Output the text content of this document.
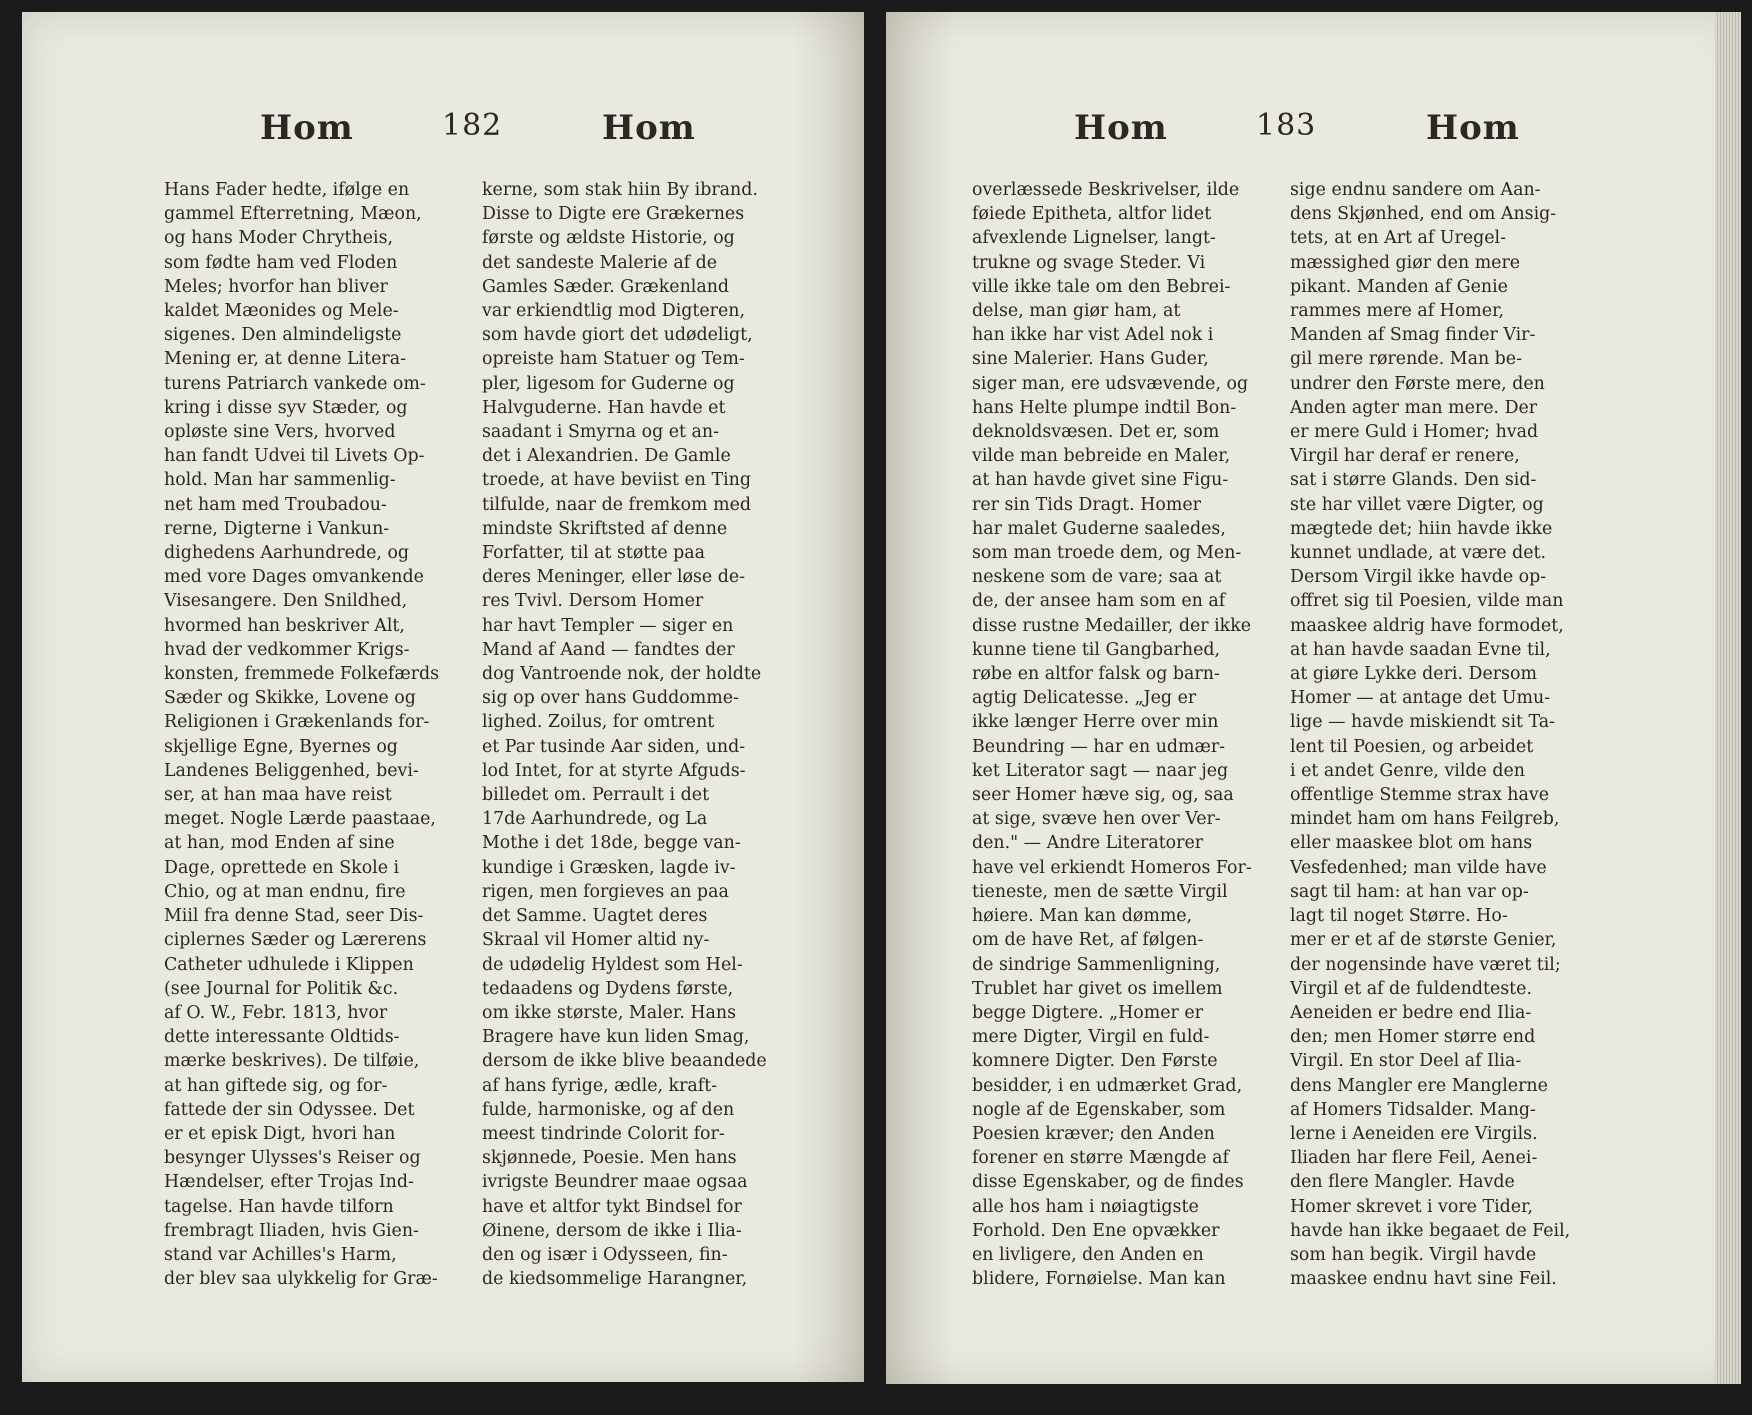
Hom	182	Hom
Hans Fader hedte, ifølge en
gammel Efterretning, Mæon,
og hans Moder Chrytheis,
som fødte ham ved Floden
Meles; hvorfor han bliver
kaldet Mæonides og Mele-
sigenes. Den almindeligste
Mening er, at denne Litera-
turens Patriarch vankede om-
kring i disse syv Stæder, og
opløste sine Vers, hvorved
han fandt Udvei til Livets Op-
hold. Man har sammenlig-
net ham med Troubadou-
rerne, Digterne i Vankun-
dighedens Aarhundrede, og
med vore Dages omvankende
Visesangere. Den Snildhed,
hvormed han beskriver Alt,
hvad der vedkommer Krigs-
konsten, fremmede Folkefærds
Sæder og Skikke, Lovene og
Religionen i Grækenlands for-
skjellige Egne, Byernes og
Landenes Beliggenhed, bevi-
ser, at han maa have reist
meget. Nogle Lærde paastaae,
at han, mod Enden af sine
Dage, oprettede en Skole i
Chio, og at man endnu, fire
Miil fra denne Stad, seer Dis-
ciplernes Sæder og Lærerens
Catheter udhulede i Klippen
(see Journal for Politik &c.
af O. W., Febr. 1813, hvor
dette interessante Oldtids-
mærke beskrives). De tilføie,
at han giftede sig, og for-
fattede der sin Odyssee. Det
er et episk Digt, hvori han
besynger Ulysses's Reiser og
Hændelser, efter Trojas Ind-
tagelse. Han havde tilforn
frembragt Iliaden, hvis Gien-
stand var Achilles's Harm,
der blev saa ulykkelig for Græ-
kerne, som stak hiin By ibrand.
Disse to Digte ere Grækernes
første og ældste Historie, og
det sandeste Malerie af de
Gamles Sæder. Grækenland
var erkiendtlig mod Digteren,
som havde giort det udødeligt,
opreiste ham Statuer og Tem-
pler, ligesom for Guderne og
Halvguderne. Han havde et
saadant i Smyrna og et an-
det i Alexandrien. De Gamle
troede, at have beviist en Ting
tilfulde, naar de fremkom med
mindste Skriftsted af denne
Forfatter, til at støtte paa
deres Meninger, eller løse de-
res Tvivl. Dersom Homer
har havt Templer — siger en
Mand af Aand — fandtes der
dog Vantroende nok, der holdte
sig op over hans Guddomme-
lighed. Zoilus, for omtrent
et Par tusinde Aar siden, und-
lod Intet, for at styrte Afguds-
billedet om. Perrault i det
17de Aarhundrede, og La
Mothe i det 18de, begge van-
kundige i Græsken, lagde iv-
rigen, men forgieves an paa
det Samme. Uagtet deres
Skraal vil Homer altid ny-
de udødelig Hyldest som Hel-
tedaadens og Dydens første,
om ikke største, Maler. Hans
Bragere have kun liden Smag,
dersom de ikke blive beaandede
af hans fyrige, ædle, kraft-
fulde, harmoniske, og af den
meest tindrinde Colorit for-
skjønnede, Poesie. Men hans
ivrigste Beundrer maae ogsaa
have et altfor tykt Bindsel for
Øinene, dersom de ikke i Ilia-
den og især i Odysseen, fin-
de kiedsommelige Harangner,
Hom	183	Hom
overlæssede Beskrivelser, ilde
føiede Epitheta, altfor lidet
afvexlende Lignelser, langt-
trukne og svage Steder. Vi
ville ikke tale om den Bebrei-
delse, man giør ham, at
han ikke har vist Adel nok i
sine Malerier. Hans Guder,
siger man, ere udsvævende, og
hans Helte plumpe indtil Bon-
deknoldsvæsen. Det er, som
vilde man bebreide en Maler,
at han havde givet sine Figu-
rer sin Tids Dragt. Homer
har malet Guderne saaledes,
som man troede dem, og Men-
neskene som de vare; saa at
de, der ansee ham som en af
disse rustne Medailler, der ikke
kunne tiene til Gangbarhed,
røbe en altfor falsk og barn-
agtig Delicatesse. „Jeg er
ikke længer Herre over min
Beundring — har en udmær-
ket Literator sagt — naar jeg
seer Homer hæve sig, og, saa
at sige, svæve hen over Ver-
den." — Andre Literatorer
have vel erkiendt Homeros For-
tieneste, men de sætte Virgil
høiere. Man kan dømme,
om de have Ret, af følgen-
de sindrige Sammenligning,
Trublet har givet os imellem
begge Digtere. „Homer er
mere Digter, Virgil en fuld-
komnere Digter. Den Første
besidder, i en udmærket Grad,
nogle af de Egenskaber, som
Poesien kræver; den Anden
forener en større Mængde af
disse Egenskaber, og de findes
alle hos ham i nøiagtigste
Forhold. Den Ene opvækker
en livligere, den Anden en
blidere, Fornøielse. Man kan
sige endnu sandere om Aan-
dens Skjønhed, end om Ansig-
tets, at en Art af Uregel-
mæssighed giør den mere
pikant. Manden af Genie
rammes mere af Homer,
Manden af Smag finder Vir-
gil mere rørende. Man be-
undrer den Første mere, den
Anden agter man mere. Der
er mere Guld i Homer; hvad
Virgil har deraf er renere,
sat i større Glands. Den sid-
ste har villet være Digter, og
mægtede det; hiin havde ikke
kunnet undlade, at være det.
Dersom Virgil ikke havde op-
offret sig til Poesien, vilde man
maaskee aldrig have formodet,
at han havde saadan Evne til,
at giøre Lykke deri. Dersom
Homer — at antage det Umu-
lige — havde miskiendt sit Ta-
lent til Poesien, og arbeidet
i et andet Genre, vilde den
offentlige Stemme strax have
mindet ham om hans Feilgreb,
eller maaskee blot om hans
Vesfedenhed; man vilde have
sagt til ham: at han var op-
lagt til noget Større. Ho-
mer er et af de største Genier,
der nogensinde have været til;
Virgil et af de fuldendteste.
Aeneiden er bedre end Ilia-
den; men Homer større end
Virgil. En stor Deel af Ilia-
dens Mangler ere Manglerne
af Homers Tidsalder. Mang-
lerne i Aeneiden ere Virgils.
Iliaden har flere Feil, Aenei-
den flere Mangler. Havde
Homer skrevet i vore Tider,
havde han ikke begaaet de Feil,
som han begik. Virgil havde
maaskee endnu havt sine Feil.
